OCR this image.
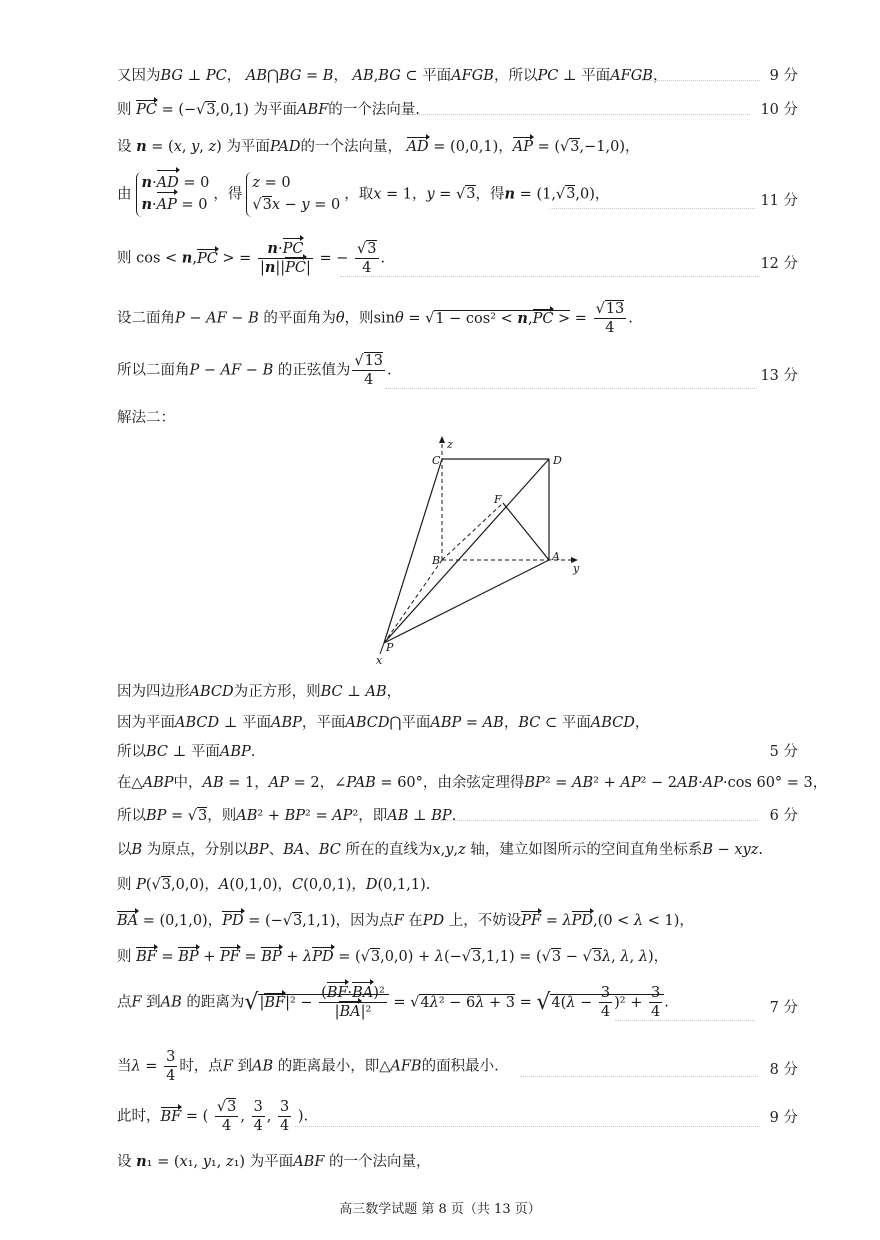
又因为BG ⊥ PC， AB⋂BG = B， AB,BG ⊂ 平面AFGB，所以PC ⊥ 平面AFGB，	9 分
则 PC = (−√3,0,1) 为平面ABF的一个法向量.	10 分
设 n = (x, y, z) 为平面PAD的一个法向量， AD = (0,0,1)，AP = (√3,−1,0)，
由n·AD = 0
n·AP = 0，得z = 0
√3x − y = 0，取x = 1，y = √3，得n = (1,√3,0)，	11 分
则 cos < n,PC > = $\frac{n\cdot PC}{|n||PC|}$ = − $\frac{√3}{4}$ .	12 分
设二面角P − AF − B 的平面角为θ，则sinθ = √1 − cos² < n,PC > = $\frac{√13}{4}$ .
所以二面角P − AF − B 的正弦值为 $\frac{√13}{4}$ .	13 分
解法二：
z
C	D
F
B	A
y
P
x
因为四边形ABCD为正方形，则BC ⊥ AB，
因为平面ABCD ⊥ 平面ABP，平面ABCD⋂平面ABP = AB，BC ⊂ 平面ABCD，
所以BC ⊥ 平面ABP.	5 分
在△ABP中，AB = 1，AP = 2，∠PAB = 60°，由余弦定理得BP² = AB² + AP² − 2AB·AP·cos 60° = 3，
所以BP = √3，则AB² + BP² = AP²，即AB ⊥ BP.	6 分
以B 为原点，分别以BP、BA、BC 所在的直线为x,y,z 轴，建立如图所示的空间直角坐标系B − xyz.
则 P(√3,0,0)，A(0,1,0)，C(0,0,1)，D(0,1,1).
BA = (0,1,0)，PD = (−√3,1,1)，因为点F 在PD 上，不妨设PF = λPD,(0 < λ < 1)，
则 BF = BP + PF = BP + λPD = (√3,0,0) + λ(−√3,1,1) = (√3 − √3λ, λ, λ)，
点F 到AB 的距离为$√|BF|^2 - \frac{\text{(BF·BA)²}}{\text{|BA|²}} = √4\lambda^2 - 6\lambda + 3 = √4(\lambda - \frac{3}{4} )^2 + \frac{3}{4}$ .	7 分
当$\lambda = \frac{3}{4}$ 时，点F 到AB 的距离最小，即△AFB的面积最小.	8 分
此时，BF = ( $\frac{√3}{4}$ , $\frac{3}{4}$ , $\frac{3}{4}$ ).	9 分
设 n₁ = (x₁, y₁, z₁) 为平面ABF 的一个法向量，
高三数学试题 第 8 页（共 13 页）
